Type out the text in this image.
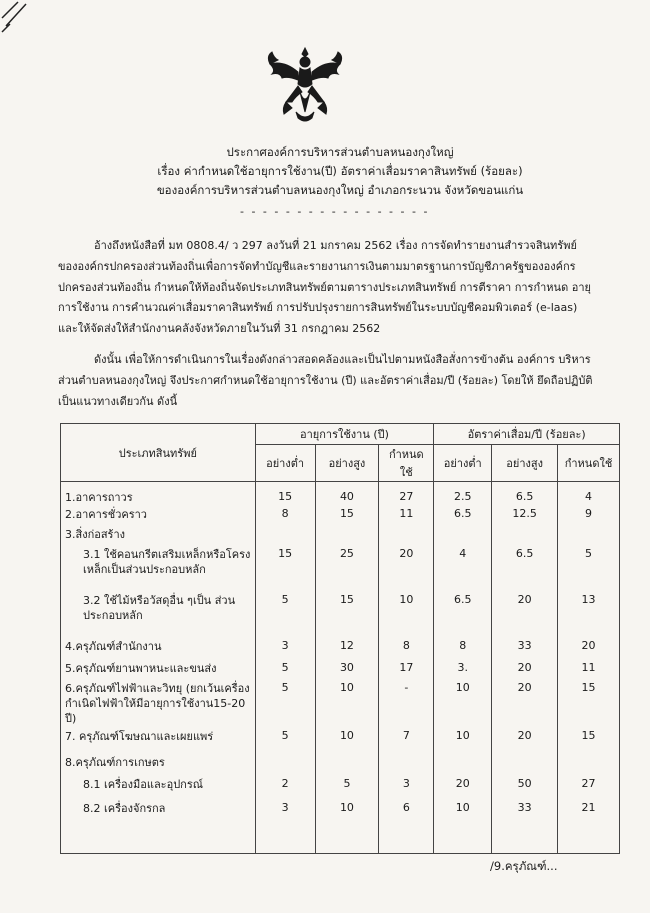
ประกาศองค์การบริหารส่วนตำบลหนองกุงใหญ่
เรื่อง ค่ากำหนดใช้อายุการใช้งาน(ปี) อัตราค่าเสื่อมราคาสินทรัพย์ (ร้อยละ)
ขององค์การบริหารส่วนตำบลหนองกุงใหญ่ อำเภอกระนวน จังหวัดขอนแก่น
- - - - - - - - - - - - - - - - -

อ้างถึงหนังสือที่ มท 0808.4/ ว 297 ลงวันที่ 21 มกราคม 2562 เรื่อง การจัดทำรายงานสำรวจสินทรัพย์ ขององค์กรปกครองส่วนท้องถิ่นเพื่อการจัดทำบัญชีและรายงานการเงินตามมาตรฐานการบัญชีภาครัฐขององค์กร ปกครองส่วนท้องถิ่น กำหนดให้ท้องถิ่นจัดประเภทสินทรัพย์ตามตารางประเภทสินทรัพย์ การตีราคา การกำหนด อายุการใช้งาน การคำนวณค่าเสื่อมราคาสินทรัพย์ การปรับปรุงรายการสินทรัพย์ในระบบบัญชีคอมพิวเตอร์ (e-laas) และให้จัดส่งให้สำนักงานคลังจังหวัดภายในวันที่ 31 กรกฎาคม 2562

ดังนั้น เพื่อให้การดำเนินการในเรื่องดังกล่าวสอดคล้องและเป็นไปตามหนังสือสั่งการข้างต้น องค์การ บริหารส่วนตำบลหนองกุงใหญ่ จึงประกาศกำหนดใช้อายุการใช้งาน (ปี) และอัตราค่าเสื่อม/ปี (ร้อยละ) โดยให้ ยึดถือปฏิบัติเป็นแนวทางเดียวกัน ดังนี้

ประเภทสินทรัพย์	อายุการใช้งาน (ปี)			อัตราค่าเสื่อม/ปี (ร้อยละ)		
	อย่างต่ำ	อย่างสูง	กำหนดใช้	อย่างต่ำ	อย่างสูง	กำหนดใช้
1.อาคารถาวร	15	40	27	2.5	6.5	4
2.อาคารชั่วคราว	8	15	11	6.5	12.5	9
3.สิ่งก่อสร้าง						
3.1 ใช้คอนกรีตเสริมเหล็กหรือโครง เหล็กเป็นส่วนประกอบหลัก	15	25	20	4	6.5	5
3.2 ใช้ไม้หรือวัสดุอื่น ๆเป็น ส่วนประกอบหลัก	5	15	10	6.5	20	13
4.ครุภัณฑ์สำนักงาน	3	12	8	8	33	20
5.ครุภัณฑ์ยานพาหนะและขนส่ง	5	30	17	3.	20	11
6.ครุภัณฑ์ไฟฟ้าและวิทยุ (ยกเว้นเครื่อง กำเนิดไฟฟ้าให้มีอายุการใช้งาน15-20 ปี)	5	10	-	10	20	15
7. ครุภัณฑ์โฆษณาและเผยแพร่	5	10	7	10	20	15
8.ครุภัณฑ์การเกษตร						
8.1 เครื่องมือและอุปกรณ์	2	5	3	20	50	27
8.2 เครื่องจักรกล	3	10	6	10	33	21
/9.ครุภัณฑ์...
